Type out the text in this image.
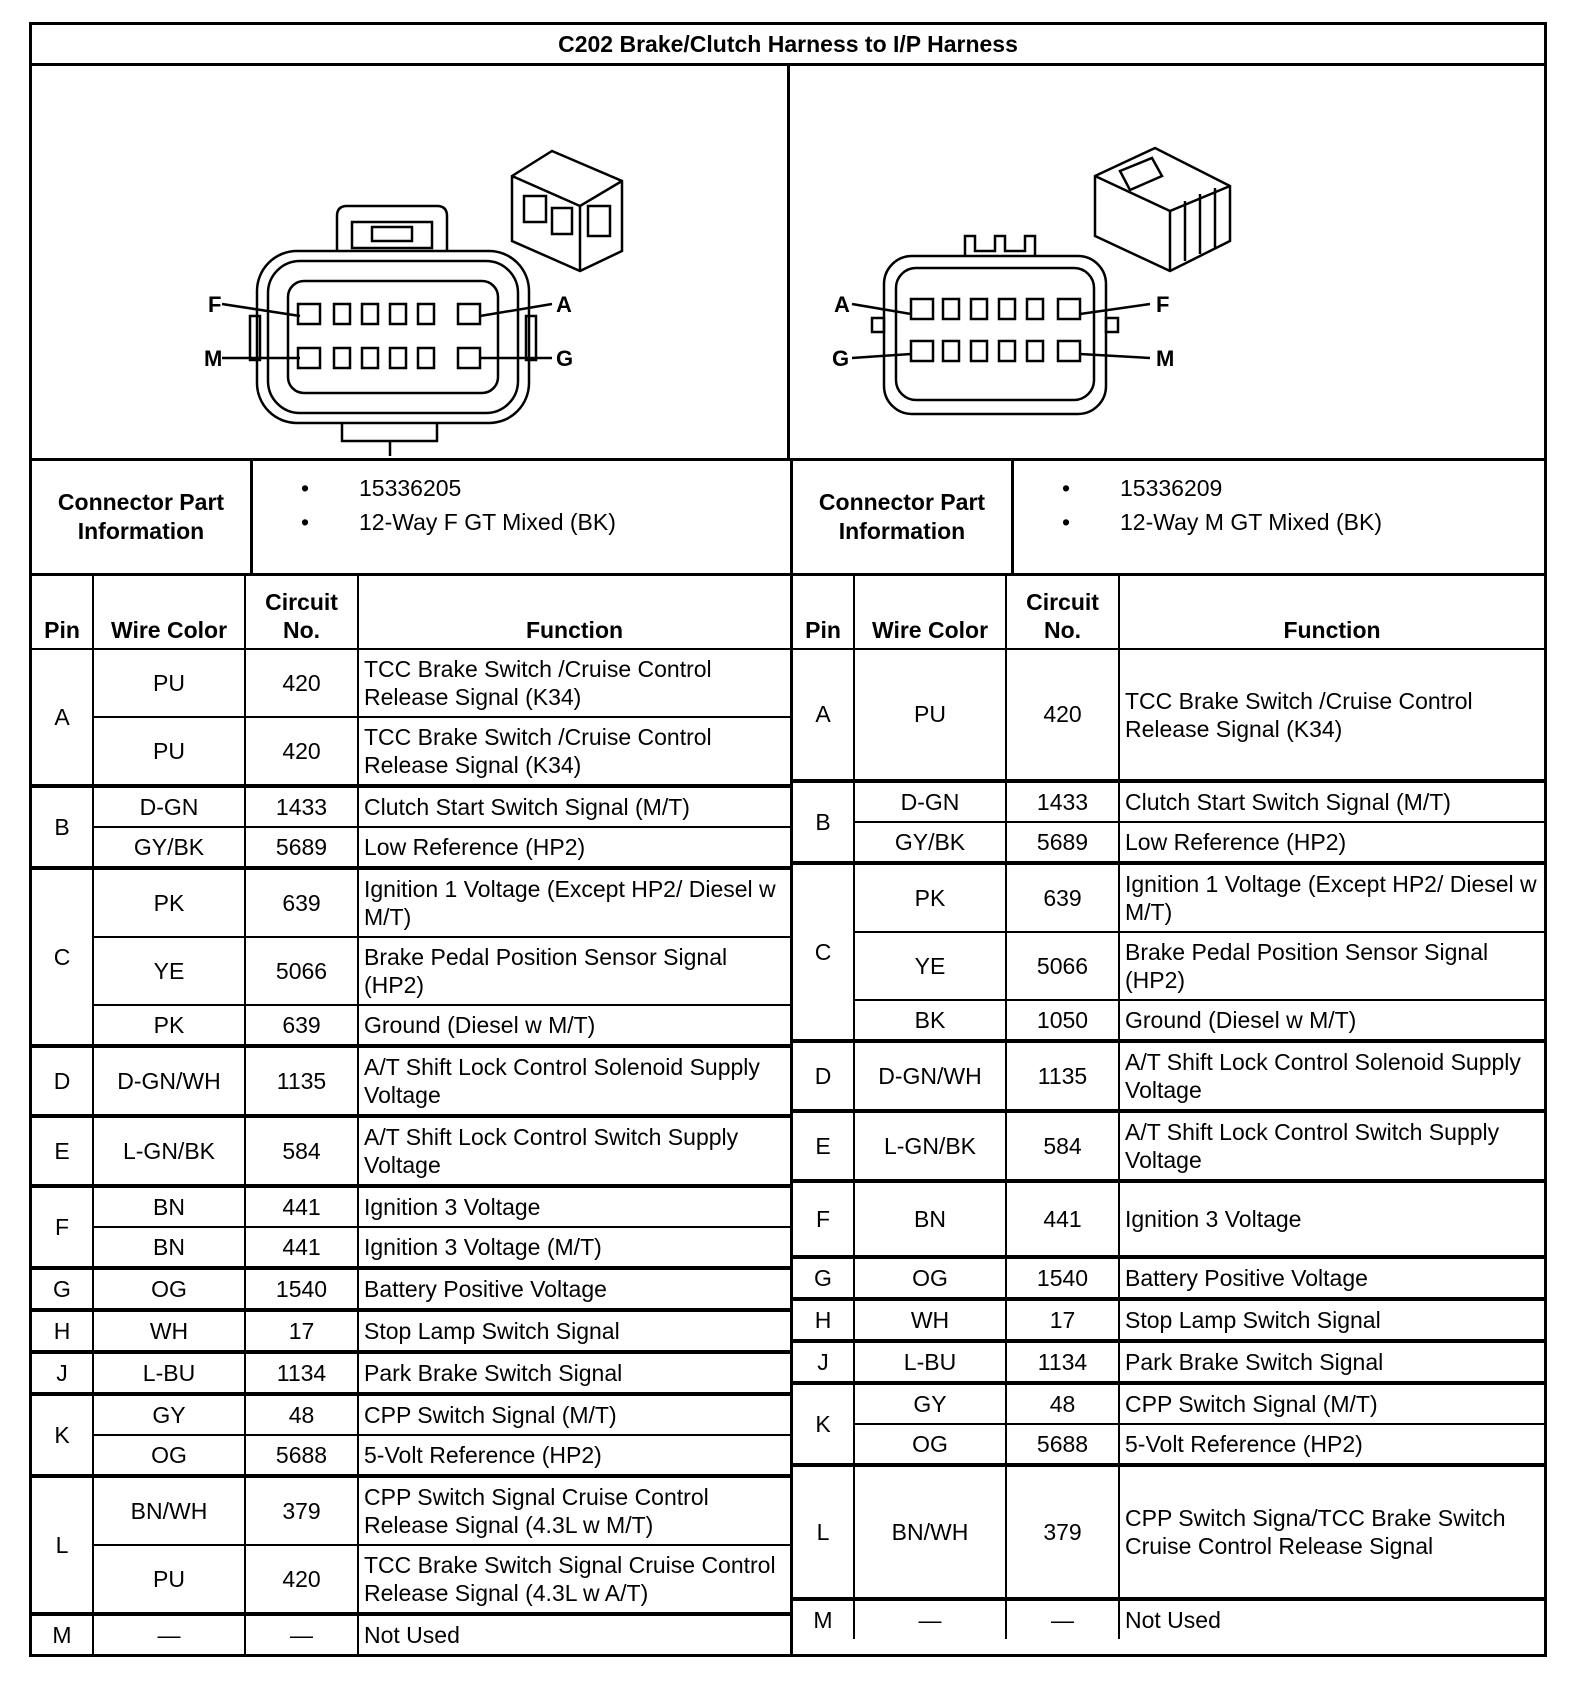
C202 Brake/Clutch Harness to I/P Harness
F
M
A
G
A
G
F
M
Connector Part
Information
• 15336205
• 12-Way F GT Mixed (BK)
Pin	Wire Color	Circuit
No.	Function
A	PU	420	TCC Brake Switch /Cruise Control Release Signal (K34)
	PU	420	TCC Brake Switch /Cruise Control Release Signal (K34)
B	D-GN	1433	Clutch Start Switch Signal (M/T)
	GY/BK	5689	Low Reference (HP2)
C	PK	639	Ignition 1 Voltage (Except HP2/ Diesel w M/T)
	YE	5066	Brake Pedal Position Sensor Signal (HP2)
	PK	639	Ground (Diesel w M/T)
D	D-GN/WH	1135	A/T Shift Lock Control Solenoid Supply Voltage
E	L-GN/BK	584	A/T Shift Lock Control Switch Supply Voltage
F	BN	441	Ignition 3 Voltage
	BN	441	Ignition 3 Voltage (M/T)
G	OG	1540	Battery Positive Voltage
H	WH	17	Stop Lamp Switch Signal
J	L-BU	1134	Park Brake Switch Signal
K	GY	48	CPP Switch Signal (M/T)
	OG	5688	5-Volt Reference (HP2)
L	BN/WH	379	CPP Switch Signal Cruise Control Release Signal (4.3L w M/T)
	PU	420	TCC Brake Switch Signal Cruise Control Release Signal (4.3L w A/T)
M	—	—	Not Used
Connector Part
Information
• 15336209
• 12-Way M GT Mixed (BK)
Pin	Wire Color	Circuit
No.	Function
A	PU	420	TCC Brake Switch /Cruise Control Release Signal (K34)
B	D-GN	1433	Clutch Start Switch Signal (M/T)
	GY/BK	5689	Low Reference (HP2)
C	PK	639	Ignition 1 Voltage (Except HP2/ Diesel w M/T)
	YE	5066	Brake Pedal Position Sensor Signal (HP2)
	BK	1050	Ground (Diesel w M/T)
D	D-GN/WH	1135	A/T Shift Lock Control Solenoid Supply Voltage
E	L-GN/BK	584	A/T Shift Lock Control Switch Supply Voltage
F	BN	441	Ignition 3 Voltage
G	OG	1540	Battery Positive Voltage
H	WH	17	Stop Lamp Switch Signal
J	L-BU	1134	Park Brake Switch Signal
K	GY	48	CPP Switch Signal (M/T)
	OG	5688	5-Volt Reference (HP2)
L	BN/WH	379	CPP Switch Signa/TCC Brake Switch Cruise Control Release Signal
M	—	—	Not Used
